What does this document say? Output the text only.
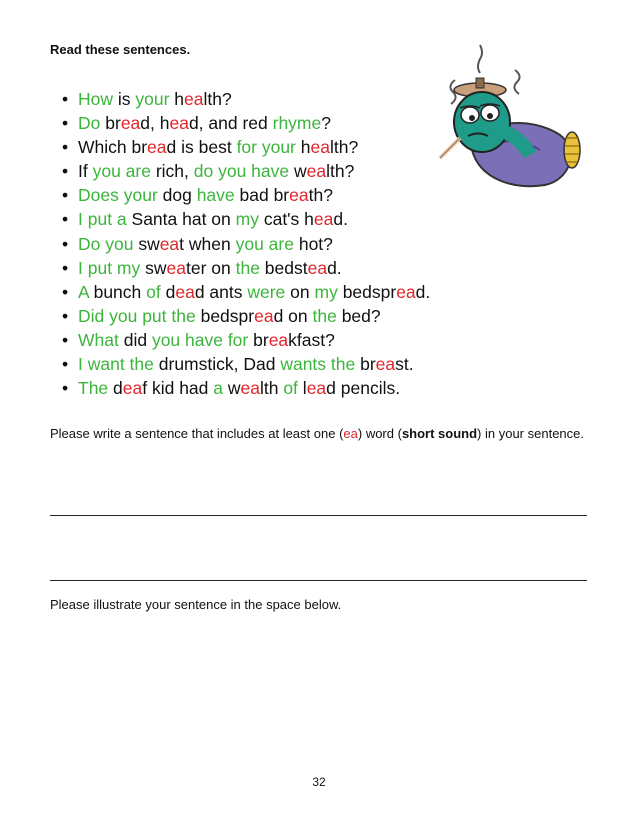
Read these sentences.
• How is your health?
• Do bread, head, and red rhyme?
• Which bread is best for your health?
• If you are rich, do you have wealth?
• Does your dog have bad breath?
• I put a Santa hat on my cat's head.
• Do you sweat when you are hot?
• I put my sweater on the bedstead.
• A bunch of dead ants were on my bedspread.
• Did you put the bedspread on the bed?
• What did you have for breakfast?
• I want the drumstick, Dad wants the breast.
• The deaf kid had a wealth of lead pencils.
Please write a sentence that includes at least one (ea) word (short sound) in your sentence.
Please illustrate your sentence in the space below.
32
